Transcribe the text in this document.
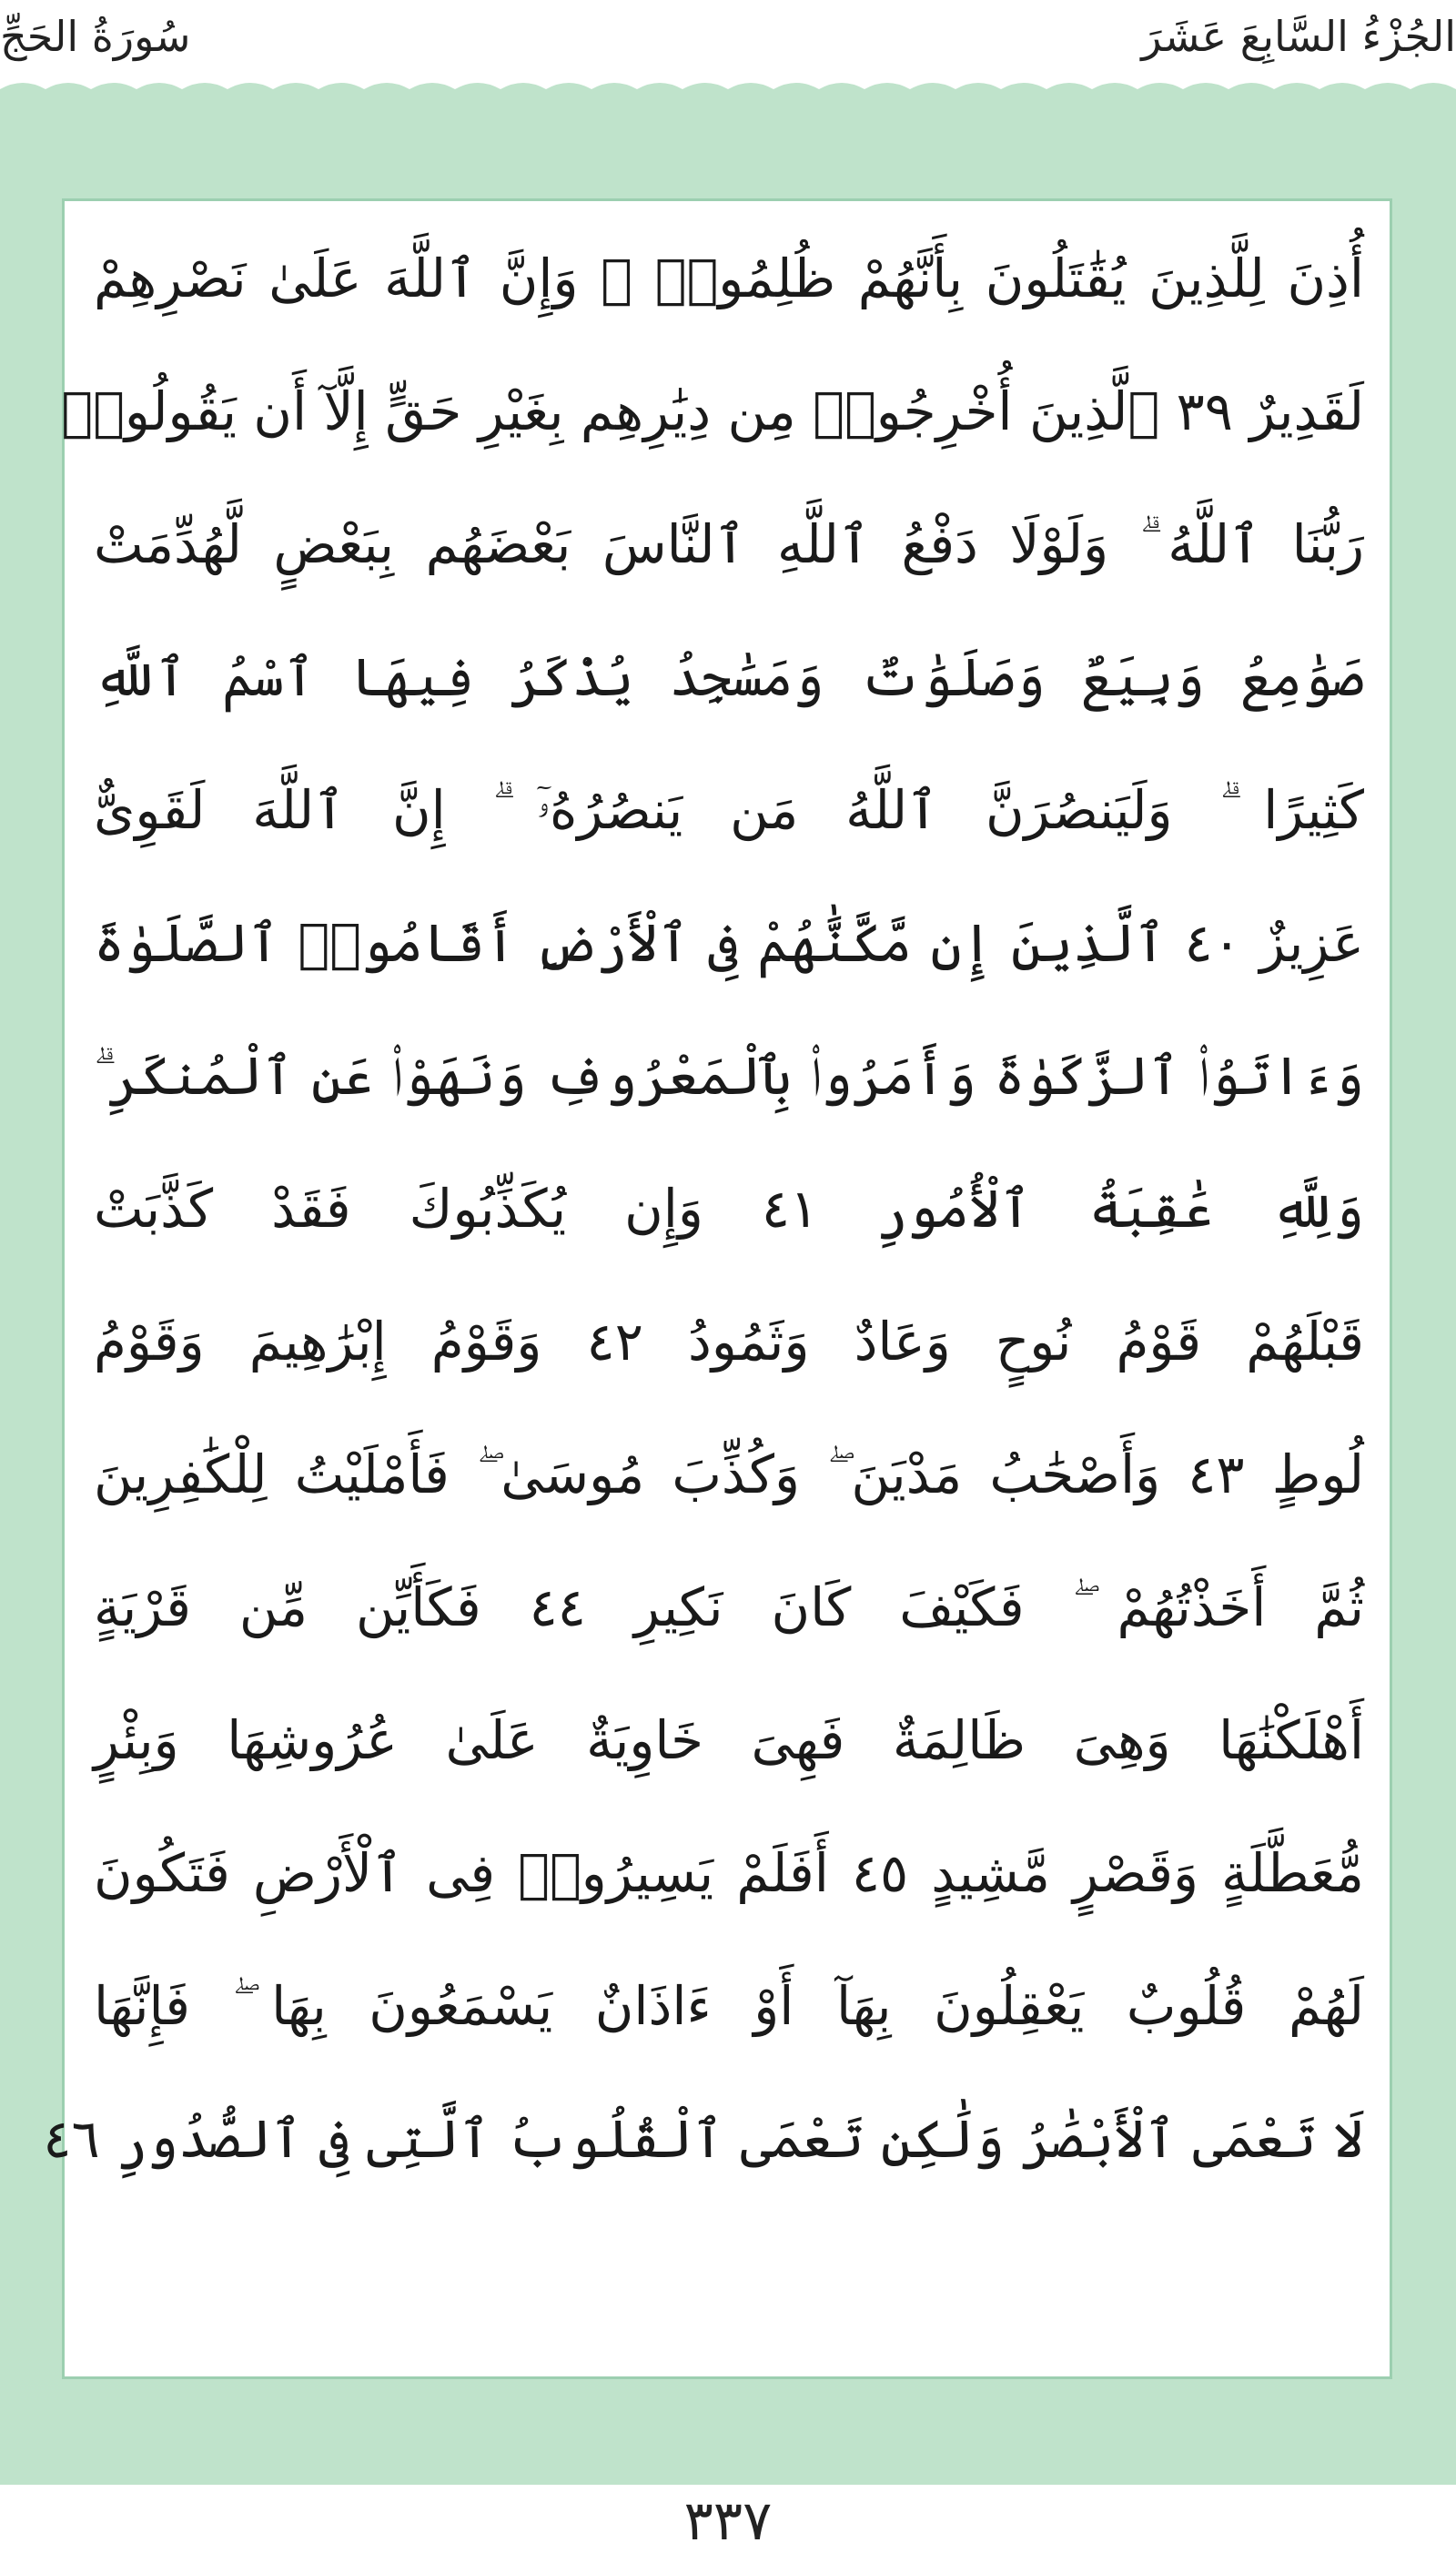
الجُزْءُ السَّابِعَ عَشَرَ
سُورَةُ الحَجِّ
أُذِنَ لِلَّذِينَ يُقَٰتَلُونَ بِأَنَّهُمْ ظُلِمُوا۟ ۚ وَإِنَّ ٱللَّهَ عَلَىٰ نَصْرِهِمْ
لَقَدِيرٌ ٣٩ ٱلَّذِينَ أُخْرِجُوا۟ مِن دِيَٰرِهِم بِغَيْرِ حَقٍّ إِلَّآ أَن يَقُولُوا۟
رَبُّنَا ٱللَّهُ ۗ وَلَوْلَا دَفْعُ ٱللَّهِ ٱلنَّاسَ بَعْضَهُم بِبَعْضٍ لَّهُدِّمَتْ
صَوَٰمِعُ وَبِيَعٌ وَصَلَوَٰتٌ وَمَسَٰجِدُ يُذْكَرُ فِيهَا ٱسْمُ ٱللَّهِ
كَثِيرًا ۗ وَلَيَنصُرَنَّ ٱللَّهُ مَن يَنصُرُهُۥٓ ۗ إِنَّ ٱللَّهَ لَقَوِىٌّ
عَزِيزٌ ٤٠ ٱلَّذِينَ إِن مَّكَّنَّٰهُمْ فِى ٱلْأَرْضِ أَقَامُوا۟ ٱلصَّلَوٰةَ
وَءَاتَوُا۟ ٱلزَّكَوٰةَ وَأَمَرُوا۟ بِٱلْمَعْرُوفِ وَنَهَوْا۟ عَنِ ٱلْمُنكَرِ ۗ
وَلِلَّهِ عَٰقِبَةُ ٱلْأُمُورِ ٤١ وَإِن يُكَذِّبُوكَ فَقَدْ كَذَّبَتْ
قَبْلَهُمْ قَوْمُ نُوحٍ وَعَادٌ وَثَمُودُ ٤٢ وَقَوْمُ إِبْرَٰهِيمَ وَقَوْمُ
لُوطٍ ٤٣ وَأَصْحَٰبُ مَدْيَنَ ۖ وَكُذِّبَ مُوسَىٰ ۖ فَأَمْلَيْتُ لِلْكَٰفِرِينَ
ثُمَّ أَخَذْتُهُمْ ۖ فَكَيْفَ كَانَ نَكِيرِ ٤٤ فَكَأَيِّن مِّن قَرْيَةٍ
أَهْلَكْنَٰهَا وَهِىَ ظَالِمَةٌ فَهِىَ خَاوِيَةٌ عَلَىٰ عُرُوشِهَا وَبِئْرٍ
مُّعَطَّلَةٍ وَقَصْرٍ مَّشِيدٍ ٤٥ أَفَلَمْ يَسِيرُوا۟ فِى ٱلْأَرْضِ فَتَكُونَ
لَهُمْ قُلُوبٌ يَعْقِلُونَ بِهَآ أَوْ ءَاذَانٌ يَسْمَعُونَ بِهَا ۖ فَإِنَّهَا
لَا تَعْمَى ٱلْأَبْصَٰرُ وَلَٰكِن تَعْمَى ٱلْقُلُوبُ ٱلَّتِى فِى ٱلصُّدُورِ ٤٦
٣٣٧
